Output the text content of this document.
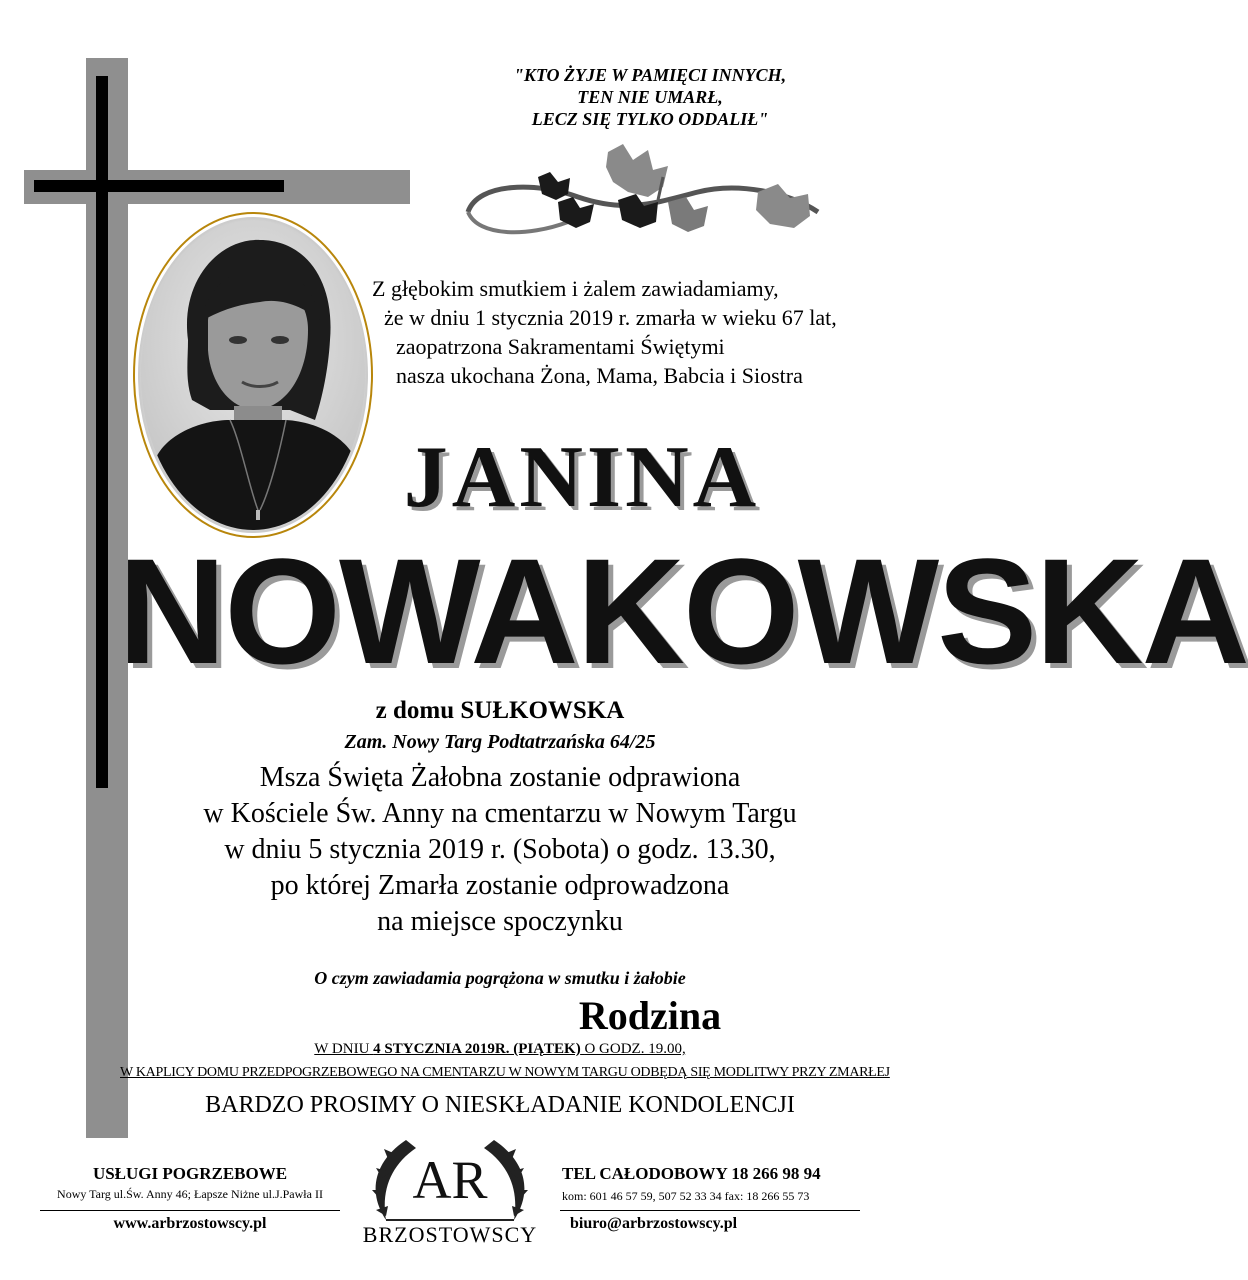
"KTO ŻYJE W PAMIĘCI INNYCH,
TEN NIE UMARŁ,
LECZ SIĘ TYLKO ODDALIŁ"
Z głębokim smutkiem i żalem zawiadamiamy,
że w dniu 1 stycznia 2019 r. zmarła w wieku 67 lat,
zaopatrzona Sakramentami Świętymi
nasza ukochana Żona, Mama, Babcia i Siostra
JANINA
NOWAKOWSKA
z domu SUŁKOWSKA
Zam. Nowy Targ Podtatrzańska 64/25
Msza Święta Żałobna zostanie odprawiona
w Kościele Św. Anny na cmentarzu w Nowym Targu
w dniu 5 stycznia 2019 r. (Sobota) o godz. 13.30,
po której Zmarła zostanie odprowadzona
na miejsce spoczynku
O czym zawiadamia pogrążona w smutku i żałobie
Rodzina
W DNIU 4 STYCZNIA 2019R. (PIĄTEK) O GODZ. 19.00,
W KAPLICY DOMU PRZEDPOGRZEBOWEGO NA CMENTARZU W NOWYM TARGU ODBĘDĄ SIĘ MODLITWY PRZY ZMARŁEJ
BARDZO PROSIMY O NIESKŁADANIE KONDOLENCJI
USŁUGI POGRZEBOWE
Nowy Targ ul.Św. Anny 46; Łapsze Niżne ul.J.Pawła II
www.arbrzostowscy.pl
AR
BRZOSTOWSCY
TEL CAŁODOBOWY 18 266 98 94
kom: 601 46 57 59, 507 52 33 34 fax: 18 266 55 73
biuro@arbrzostowscy.pl
